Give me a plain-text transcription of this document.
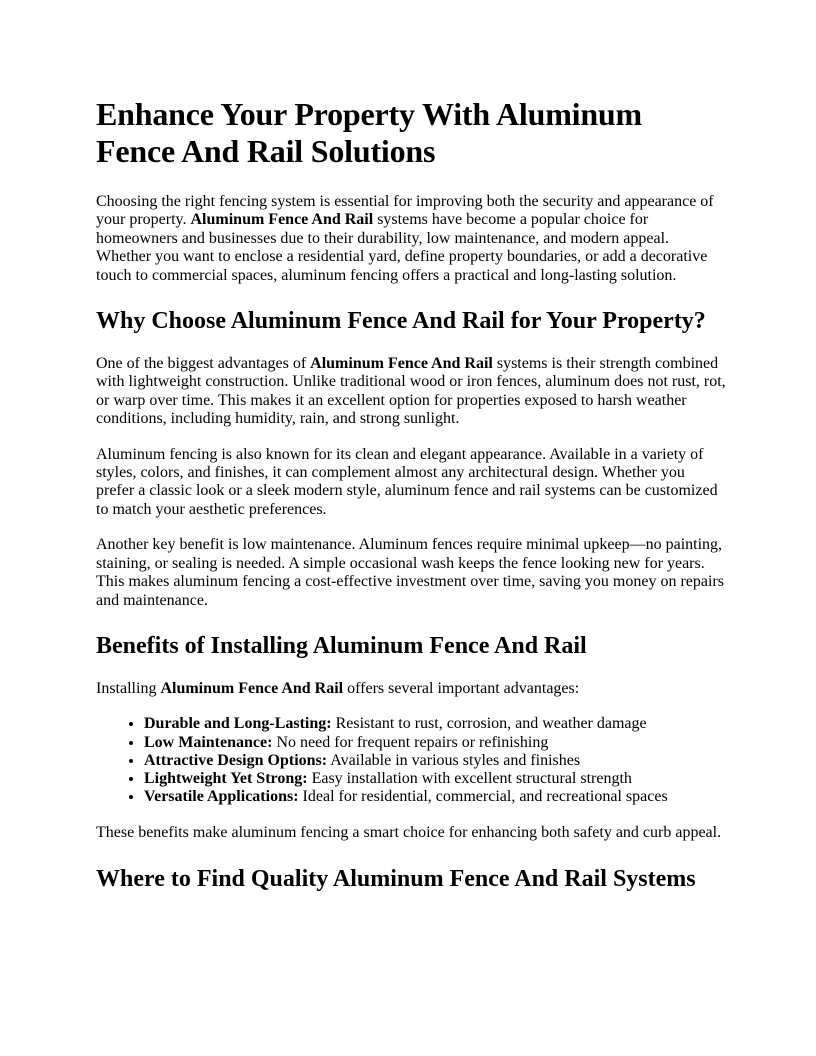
Enhance Your Property With Aluminum Fence And Rail Solutions

Choosing the right fencing system is essential for improving both the security and appearance of your property. Aluminum Fence And Rail systems have become a popular choice for homeowners and businesses due to their durability, low maintenance, and modern appeal. Whether you want to enclose a residential yard, define property boundaries, or add a decorative touch to commercial spaces, aluminum fencing offers a practical and long-lasting solution.

Why Choose Aluminum Fence And Rail for Your Property?

One of the biggest advantages of Aluminum Fence And Rail systems is their strength combined with lightweight construction. Unlike traditional wood or iron fences, aluminum does not rust, rot, or warp over time. This makes it an excellent option for properties exposed to harsh weather conditions, including humidity, rain, and strong sunlight.

Aluminum fencing is also known for its clean and elegant appearance. Available in a variety of styles, colors, and finishes, it can complement almost any architectural design. Whether you prefer a classic look or a sleek modern style, aluminum fence and rail systems can be customized to match your aesthetic preferences.

Another key benefit is low maintenance. Aluminum fences require minimal upkeep—no painting, staining, or sealing is needed. A simple occasional wash keeps the fence looking new for years. This makes aluminum fencing a cost-effective investment over time, saving you money on repairs and maintenance.

Benefits of Installing Aluminum Fence And Rail

Installing Aluminum Fence And Rail offers several important advantages:

• Durable and Long-Lasting: Resistant to rust, corrosion, and weather damage
• Low Maintenance: No need for frequent repairs or refinishing
• Attractive Design Options: Available in various styles and finishes
• Lightweight Yet Strong: Easy installation with excellent structural strength
• Versatile Applications: Ideal for residential, commercial, and recreational spaces

These benefits make aluminum fencing a smart choice for enhancing both safety and curb appeal.

Where to Find Quality Aluminum Fence And Rail Systems
